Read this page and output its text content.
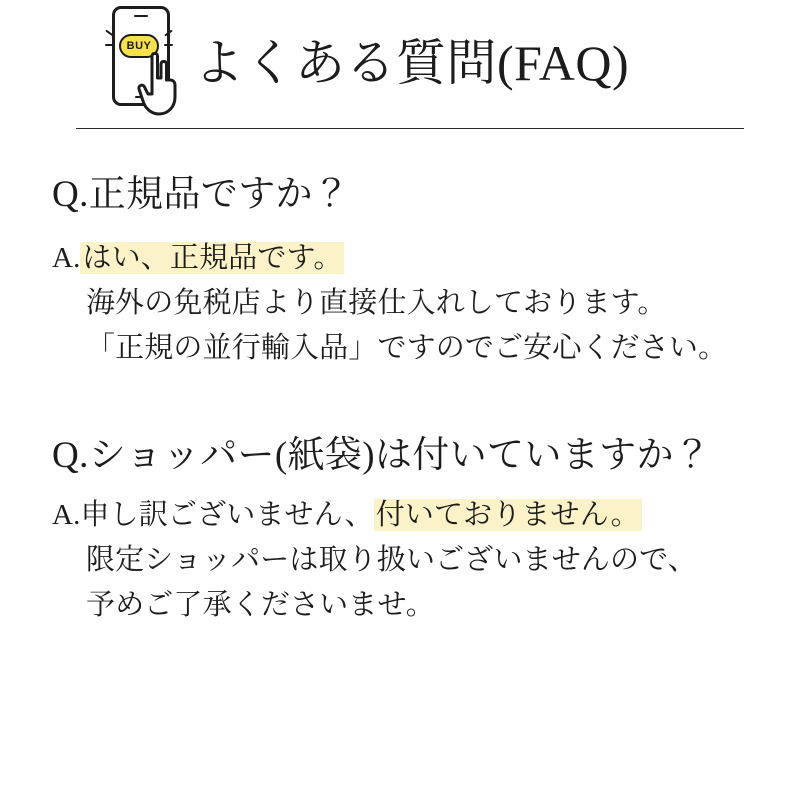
BUY よくある質問(FAQ)
Q.正規品ですか？
A.はい、正規品です。
海外の免税店より直接仕入れしております。
「正規の並行輸入品」ですのでご安心ください。
Q.ショッパー(紙袋)は付いていますか？
A.申し訳ございません、付いておりません。
限定ショッパーは取り扱いございませんので、
予めご了承くださいませ。
